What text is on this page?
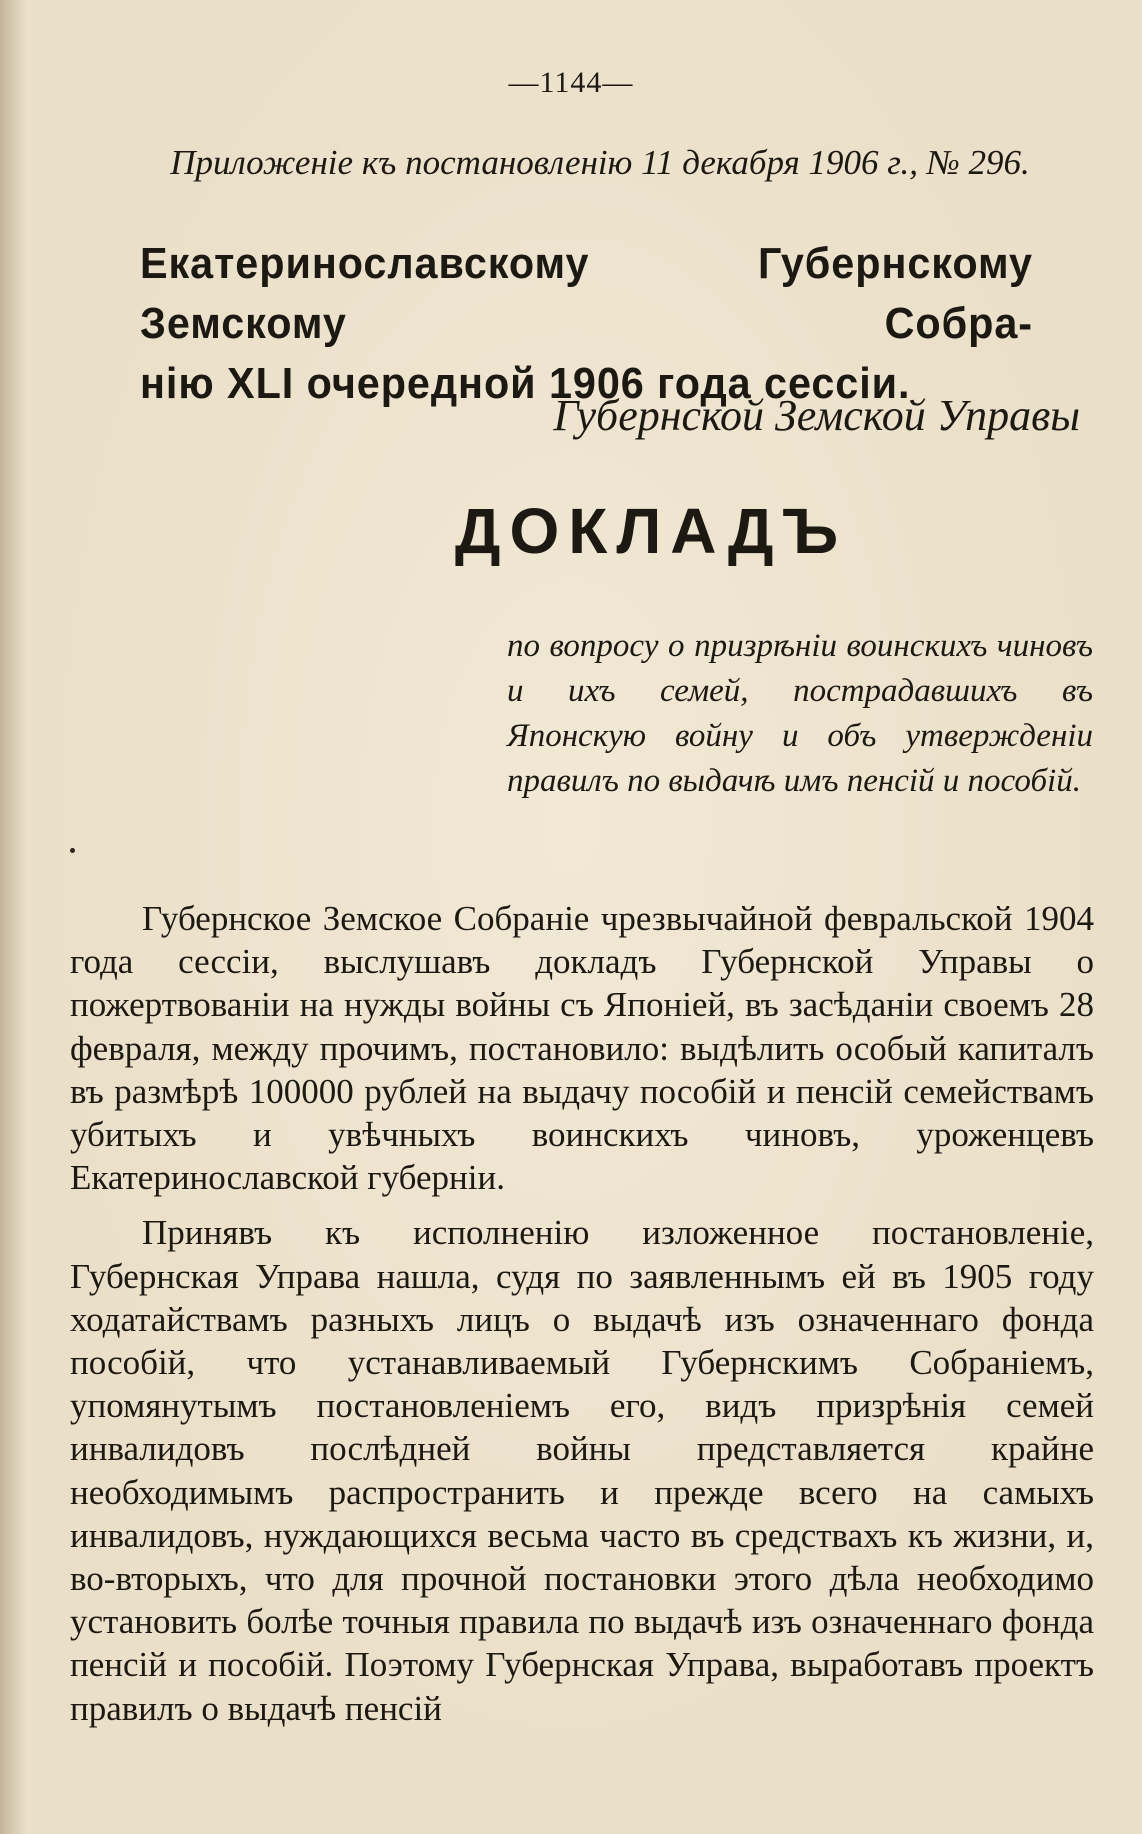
—1144—
Приложенiе къ постановленiю 11 декабря 1906 г., № 296.
Екатеринославскому Губернскому Земскому Собра-
нiю XLI очередной 1906 года сессiи.
Губернской Земской Управы
ДОКЛАДЪ
по вопросу о призрѣнiи воинскихъ чиновъ и ихъ семей, пострадавшихъ въ Японскую войну и объ утвержденiи правилъ по выдачѣ имъ пенсiй и пособiй.

Губернское Земское Собранiе чрезвычайной февральской 1904 года сессiи, выслушавъ докладъ Губернской Управы о пожертвованiи на нужды войны съ Японiей, въ засѣданiи своемъ 28 февраля, между прочимъ, постановило: выдѣлить особый капиталъ въ размѣрѣ 100000 рублей на выдачу пособiй и пенсiй семействамъ убитыхъ и увѣчныхъ воинскихъ чиновъ, уроженцевъ Екатеринославской губернiи.

Принявъ къ исполненiю изложенное постановленiе, Губернская Управа нашла, судя по заявленнымъ ей въ 1905 году ходатайствамъ разныхъ лицъ о выдачѣ изъ означеннаго фонда пособiй, что устанавливаемый Губернскимъ Собранiемъ, упомянутымъ постановленiемъ его, видъ призрѣнiя семей инвалидовъ послѣдней войны представляется крайне необходимымъ распространить и прежде всего на самыхъ инвалидовъ, нуждающихся весьма часто въ средствахъ къ жизни, и, во-вторыхъ, что для прочной постановки этого дѣла необходимо установить болѣе точныя правила по выдачѣ изъ означеннаго фонда пенсiй и пособiй. Поэтому Губернская Управа, выработавъ проектъ правилъ о выдачѣ пенсiй
